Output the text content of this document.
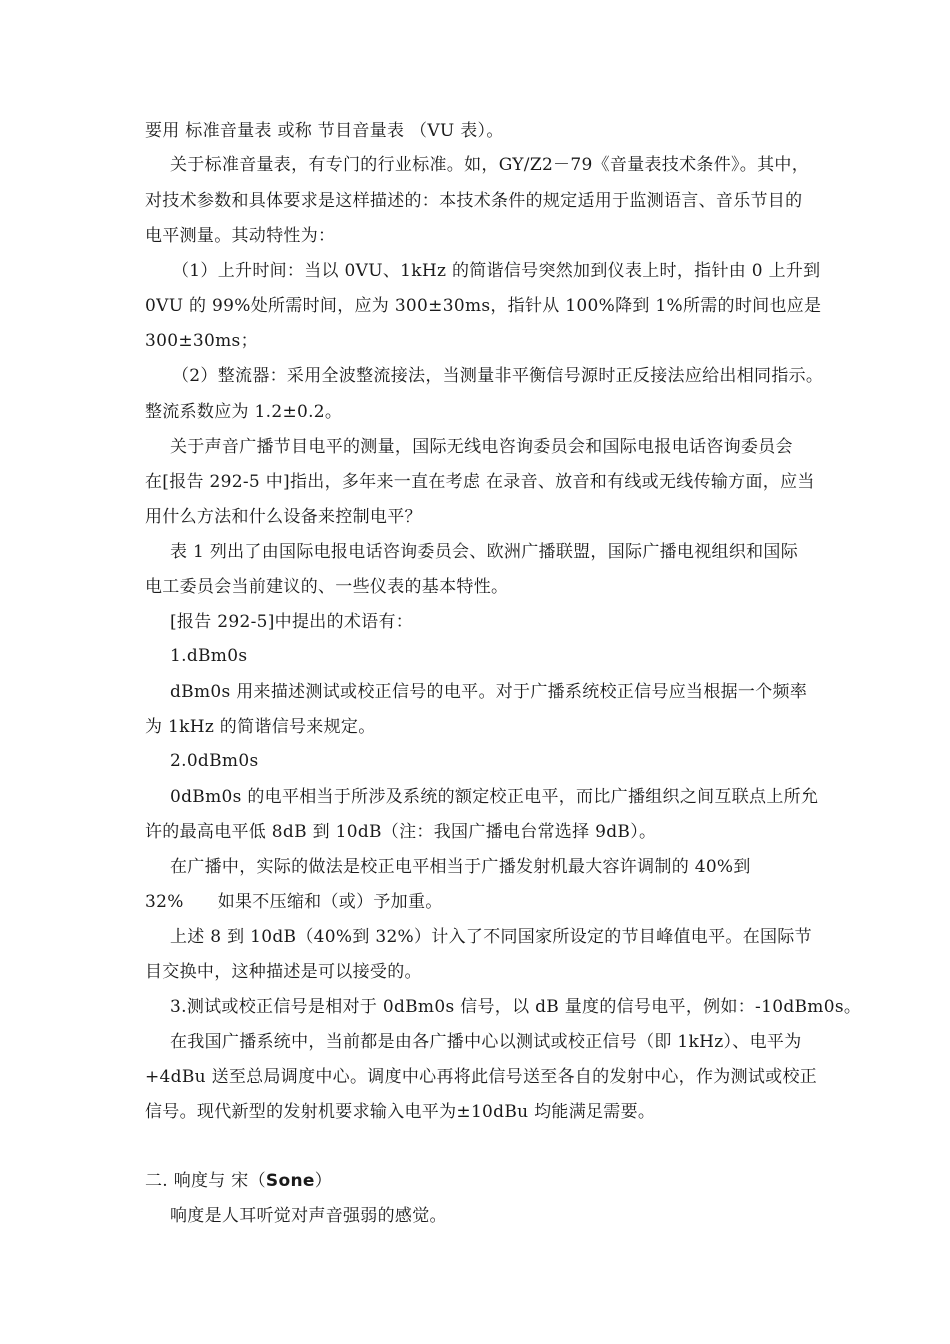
要用 标准音量表 或称 节目音量表 （VU 表）。
关于标准音量表，有专门的行业标准。如，GY/Z2－79《音量表技术条件》。其中，
对技术参数和具体要求是这样描述的：本技术条件的规定适用于监测语言、音乐节目的
电平测量。其动特性为：
（1）上升时间：当以 0VU、1kHz 的简谐信号突然加到仪表上时，指针由 0 上升到
0VU 的 99%处所需时间，应为 300±30ms，指针从 100%降到 1%所需的时间也应是
300±30ms；
（2）整流器：采用全波整流接法，当测量非平衡信号源时正反接法应给出相同指示。
整流系数应为 1.2±0.2。
关于声音广播节目电平的测量，国际无线电咨询委员会和国际电报电话咨询委员会
在[报告 292-5 中]指出，多年来一直在考虑 在录音、放音和有线或无线传输方面，应当
用什么方法和什么设备来控制电平？
表 1 列出了由国际电报电话咨询委员会、欧洲广播联盟，国际广播电视组织和国际
电工委员会当前建议的、一些仪表的基本特性。
[报告 292-5]中提出的术语有：
1.dBm0s
dBm0s 用来描述测试或校正信号的电平。对于广播系统校正信号应当根据一个频率
为 1kHz 的简谐信号来规定。
2.0dBm0s
0dBm0s 的电平相当于所涉及系统的额定校正电平，而比广播组织之间互联点上所允
许的最高电平低 8dB 到 10dB（注：我国广播电台常选择 9dB）。
在广播中，实际的做法是校正电平相当于广播发射机最大容许调制的 40%到
32% 如果不压缩和（或）予加重。
上述 8 到 10dB（40%到 32%）计入了不同国家所设定的节目峰值电平。在国际节
目交换中，这种描述是可以接受的。
3.测试或校正信号是相对于 0dBm0s 信号，以 dB 量度的信号电平，例如：-10dBm0s。
在我国广播系统中，当前都是由各广播中心以测试或校正信号（即 1kHz）、电平为
+4dBu 送至总局调度中心。调度中心再将此信号送至各自的发射中心，作为测试或校正
信号。现代新型的发射机要求输入电平为±10dBu 均能满足需要。
二. 响度与 宋（Sone）
响度是人耳听觉对声音强弱的感觉。
